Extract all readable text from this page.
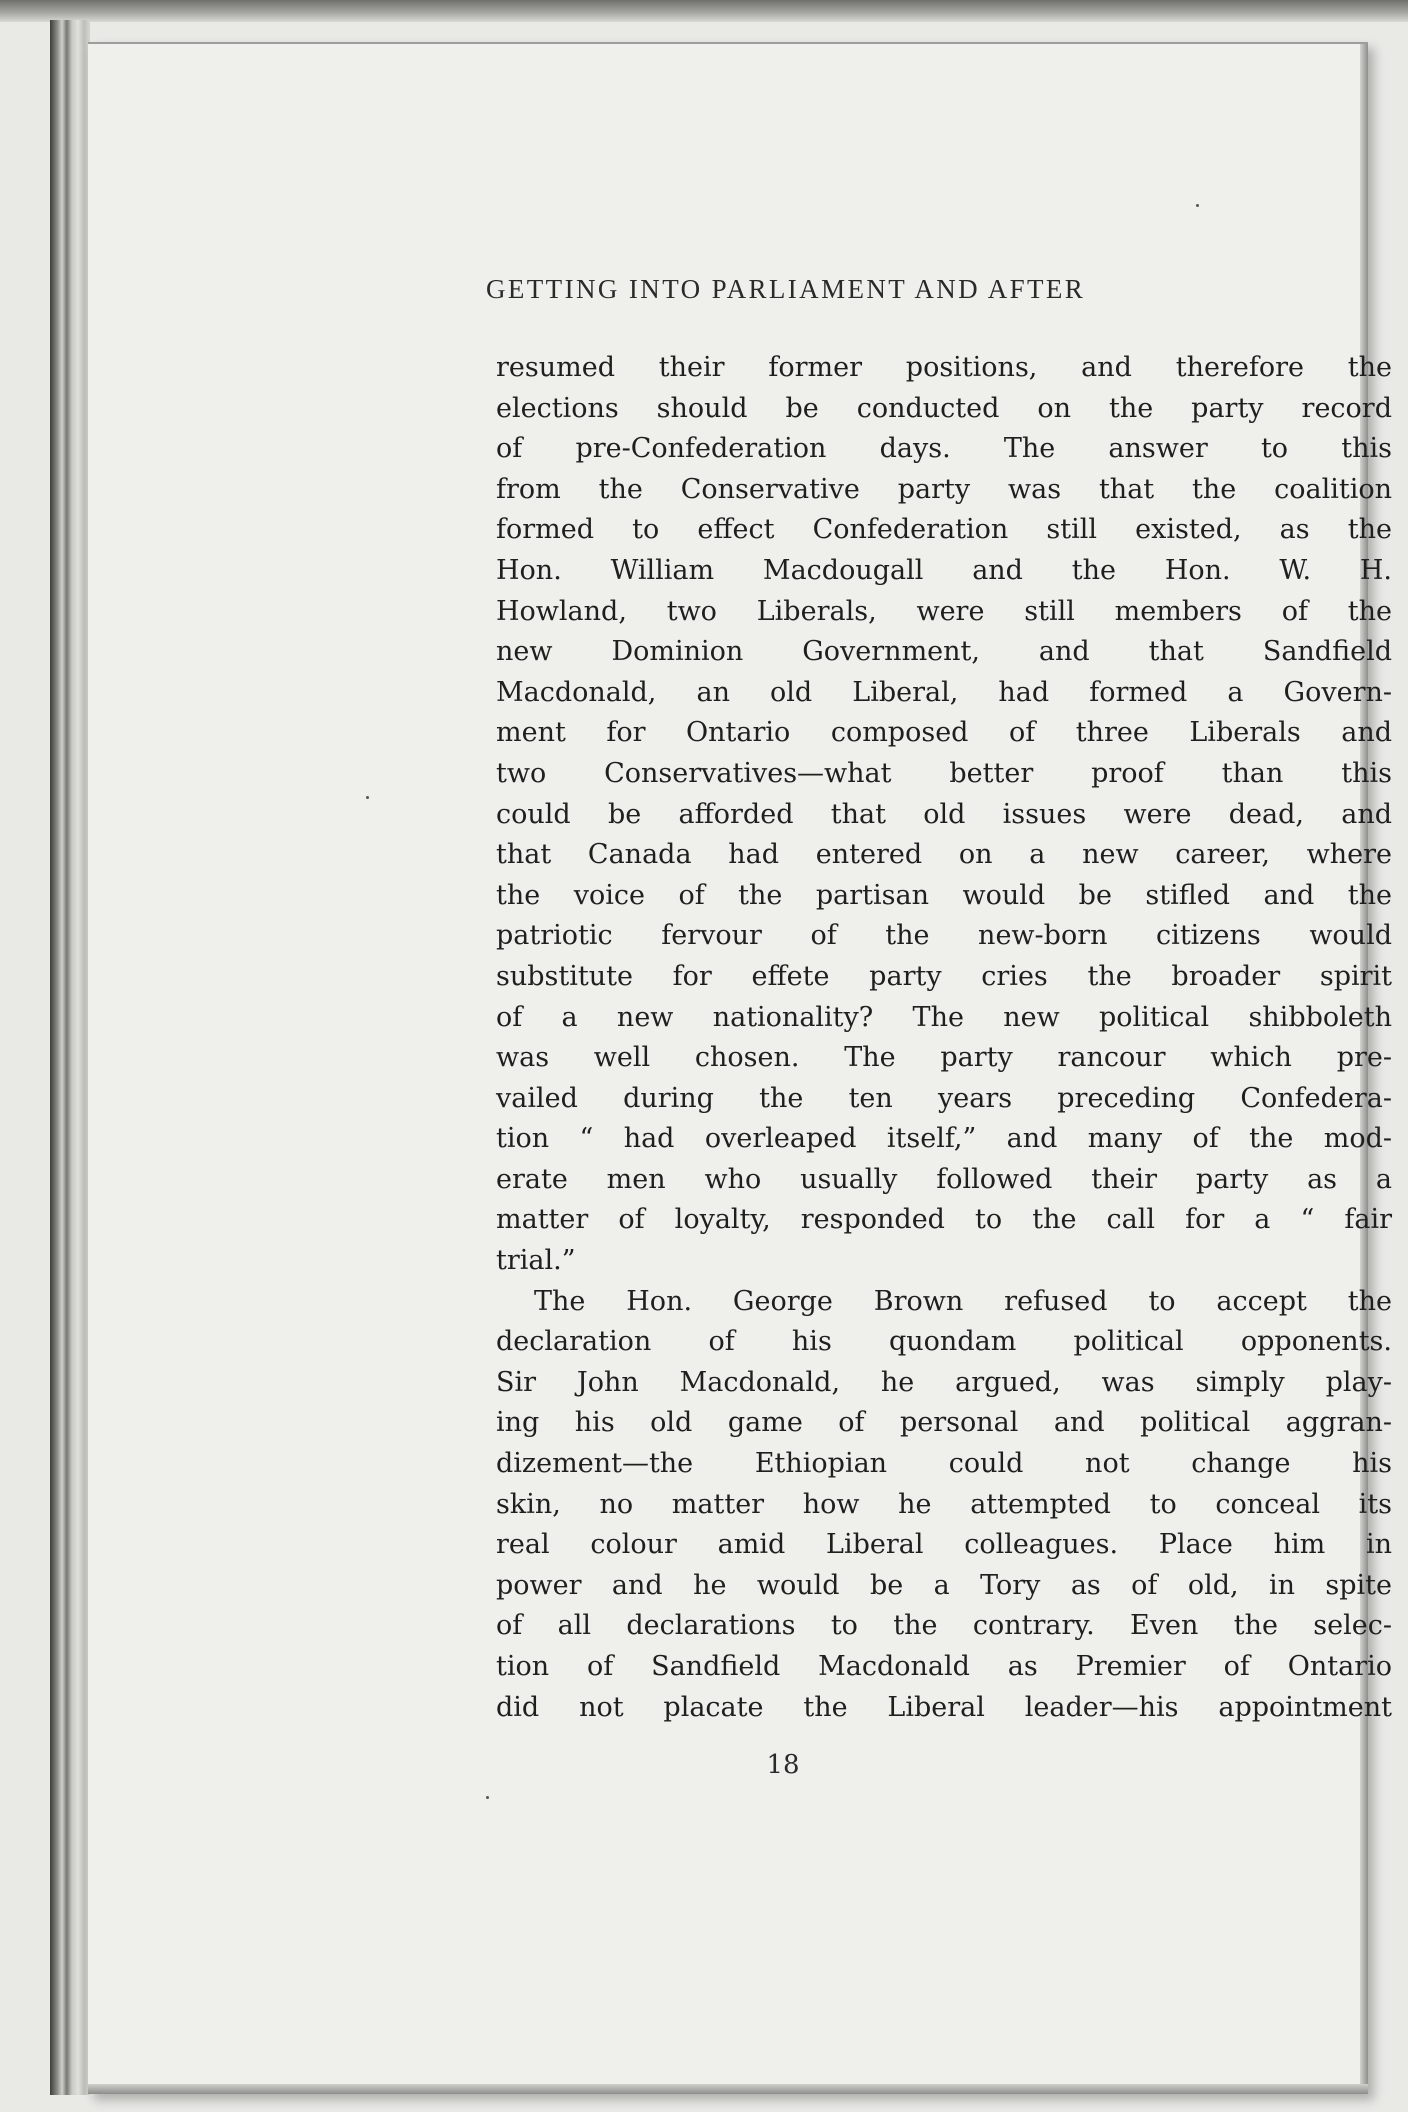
GETTING INTO PARLIAMENT AND AFTER
resumed their former positions, and therefore the
elections should be conducted on the party record
of pre-Confederation days. The answer to this
from the Conservative party was that the coalition
formed to effect Confederation still existed, as the
Hon. William Macdougall and the Hon. W. H.
Howland, two Liberals, were still members of the
new Dominion Government, and that Sandfield
Macdonald, an old Liberal, had formed a Govern-
ment for Ontario composed of three Liberals and
two Conservatives—what better proof than this
could be afforded that old issues were dead, and
that Canada had entered on a new career, where
the voice of the partisan would be stifled and the
patriotic fervour of the new-born citizens would
substitute for effete party cries the broader spirit
of a new nationality? The new political shibboleth
was well chosen. The party rancour which pre-
vailed during the ten years preceding Confedera-
tion “ had overleaped itself,” and many of the mod-
erate men who usually followed their party as a
matter of loyalty, responded to the call for a “ fair
trial.”
The Hon. George Brown refused to accept the
declaration of his quondam political opponents.
Sir John Macdonald, he argued, was simply play-
ing his old game of personal and political aggran-
dizement—the Ethiopian could not change his
skin, no matter how he attempted to conceal its
real colour amid Liberal colleagues. Place him in
power and he would be a Tory as of old, in spite
of all declarations to the contrary. Even the selec-
tion of Sandfield Macdonald as Premier of Ontario
did not placate the Liberal leader—his appointment
18
